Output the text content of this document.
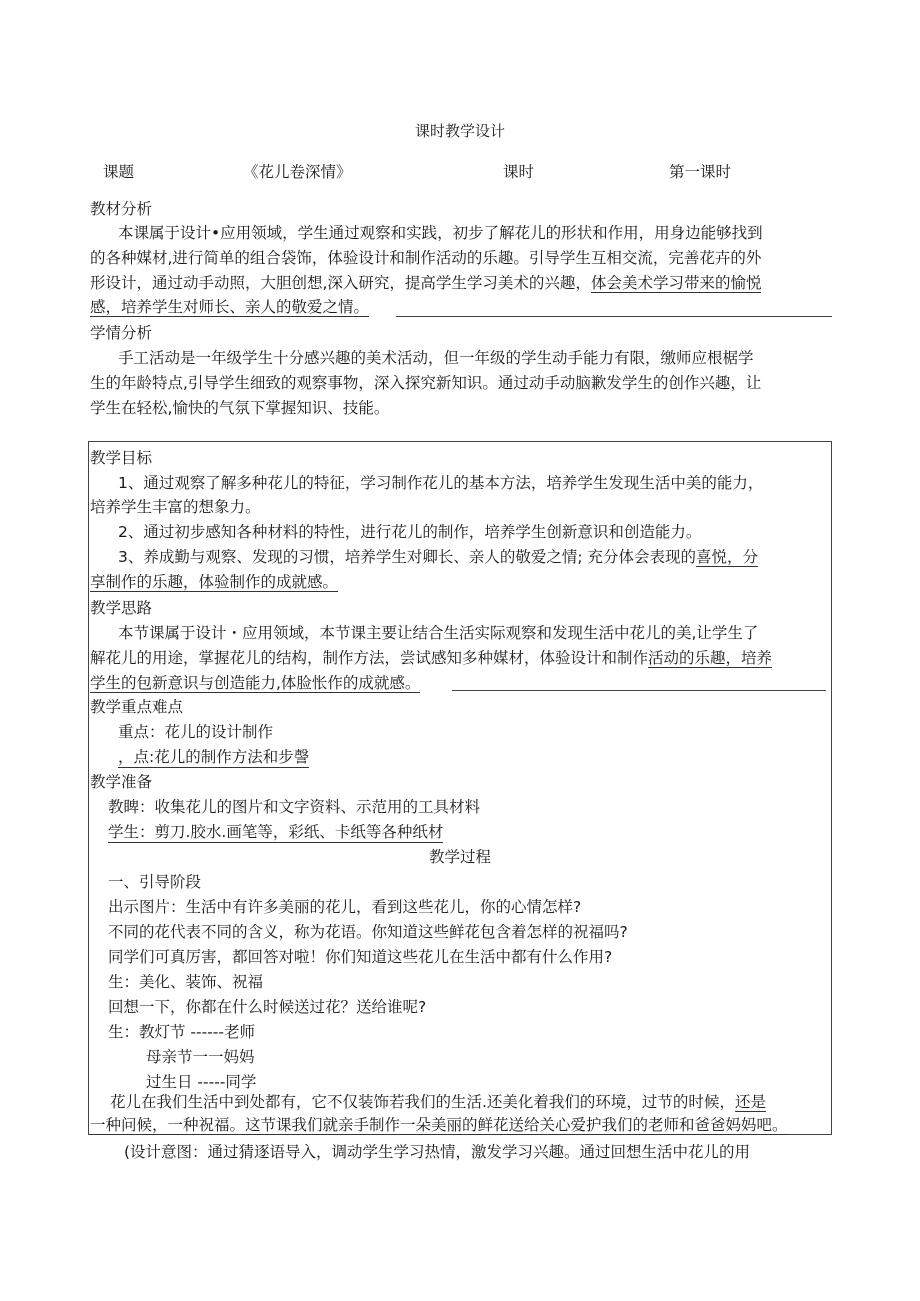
课时教学设计
课题	《花儿卷深情》	课时	第一课时
教材分析
本课属于设计•应用领域，学生通过观察和实践，初步了解花儿的形状和作用，用身边能够找到
的各种媒材,进行简单的组合袋饰，体验设计和制作活动的乐趣。引导学生互相交流，完善花卉的外
形设计，通过动手动照，大胆创想,深入研究，提高学生学习美术的兴趣，体会美术学习带来的愉悦
感，培养学生对师长、亲人的敬爱之情。
学情分析
手工活动是一年级学生十分感兴趣的美术活动，但一年级的学生动手能力有限，缴师应根椐学
生的年龄特点,引导学生细致的观察事物，深入探究新知识。通过动手动脑歉发学生的创作兴趣，让
学生在轻松,愉快的气氛下掌握知识、技能。
教学目标
1、通过观察了解多种花儿的特征，学习制作花儿的基本方法，培养学生发现生活中美的能力，
培养学生丰富的想象力。
2、通过初步感知各种材料的特性，进行花儿的制作，培养学生创新意识和创造能力。
3、养成勤与观察、发现的习惯，培养学生对卿长、亲人的敬爱之情; 充分体会表现的喜悦，分
享制作的乐趣，体验制作的成就感。
教学思路
本节课属于设计・应用领域，本节课主要让结合生活实际观察和发现生活中花儿的美,让学生了
解花儿的用途，掌握花儿的结构，制作方法，尝试感知多种媒材，体验设计和制作活动的乐趣，培养
学生的包新意识与创造能力,体脸怅作的成就感。
教学重点难点
重点：花儿的设计制作
，点:花儿的制作方法和步謦
教学准备
教睥：收集花儿的图片和文字资料、示范用的工具材料
学生：剪刀.胶水.画笔等，彩纸、卡纸等各种纸材
教学过程
一、引导阶段
出示图片：生活中有许多美丽的花儿，看到这些花儿，你的心情怎样?
不同的花代表不同的含义，称为花语。你知道这些鲜花包含着怎样的祝福吗?
同学们可真厉害，都回答对啦！你们知道这些花儿在生活中都有什么作用?
生：美化、装饰、祝福
回想一下，你都在什么时候送过花？送给谁呢?
生：教灯节 ------老师
母亲节一一妈妈
过生日 -----同学
花儿在我们生活中到处都有，它不仅装饰若我们的生活.还美化着我们的环境，过节的时候，还是
一种问候，一种祝福。这节课我们就亲手制作一朵美丽的鲜花送给关心爱护我们的老师和爸爸妈妈吧。
(设计意图：通过猜逐语导入，调动学生学习热情，激发学习兴趣。通过回想生活中花儿的用
